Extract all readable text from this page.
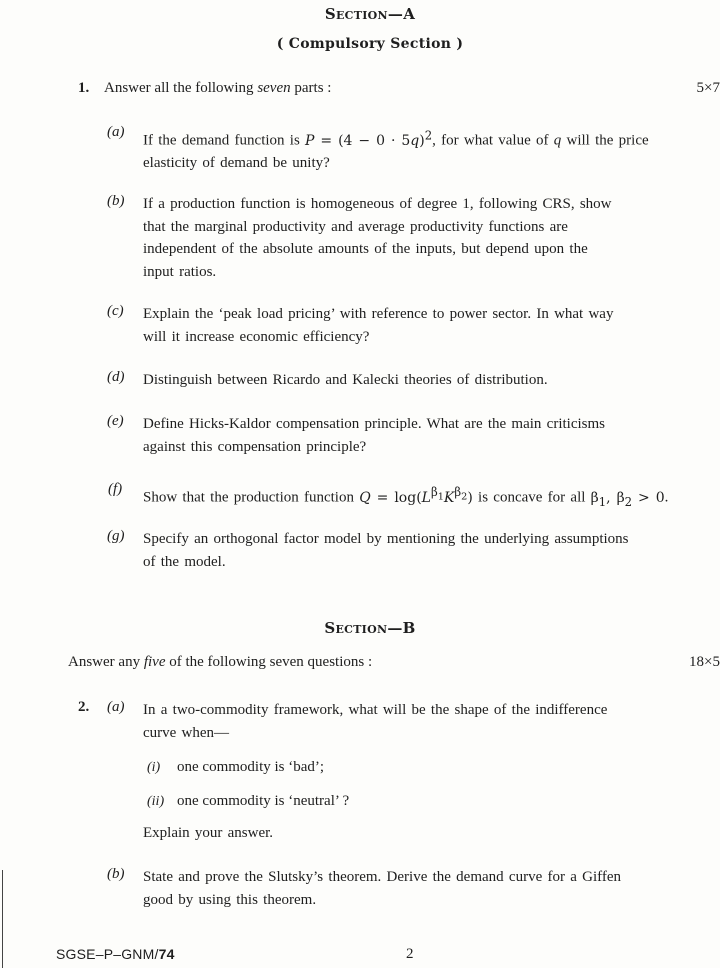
Section—A
( Compulsory Section )
1. Answer all the following seven parts :	5×7
(a)
If the demand function is $P = (4 - 0 \cdot 5q)^2$, for what value of q will the price
elasticity of demand be unity?
(b) If a production function is homogeneous of degree 1, following CRS, show
that the marginal productivity and average productivity functions are
independent of the absolute amounts of the inputs, but depend upon the
input ratios.
(c) Explain the ‘peak load pricing’ with reference to power sector. In what way
will it increase economic efficiency?
(d) Distinguish between Ricardo and Kalecki theories of distribution.
(e) Define Hicks-Kaldor compensation principle. What are the main criticisms
against this compensation principle?
(f)
Show that the production function $Q = \log(L^{\beta_1}K^{\beta_2})$ is concave for all $\beta_1$, $\beta_2 > 0$.
(g) Specify an orthogonal factor model by mentioning the underlying assumptions
of the model.
Section—B
Answer any five of the following seven questions :	18×5
2. (a) In a two-commodity framework, what will be the shape of the indifference
curve when—
(i) one commodity is ‘bad’;
(ii) one commodity is ‘neutral’ ?
Explain your answer.
(b) State and prove the Slutsky’s theorem. Derive the demand curve for a Giffen
good by using this theorem.
SGSE–P–GNM/74	2
